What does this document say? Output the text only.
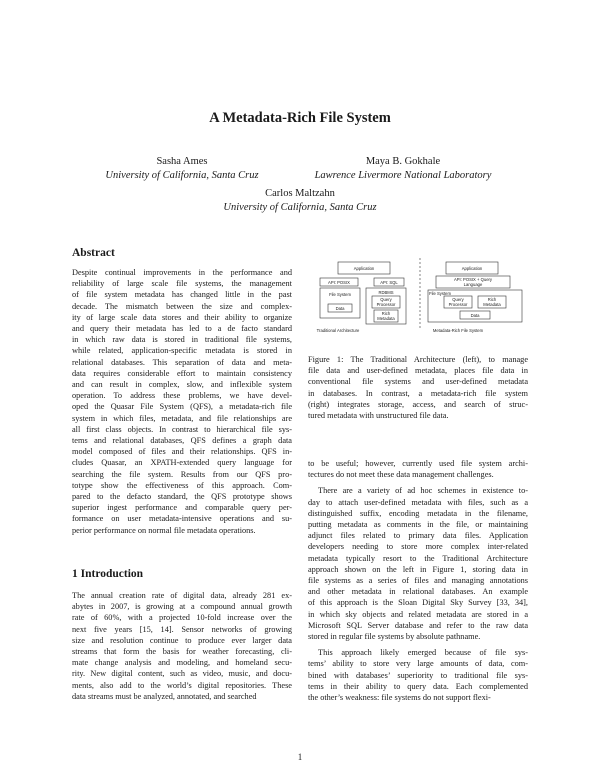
A Metadata-Rich File System
Sasha Ames
University of California, Santa Cruz
Maya B. Gokhale
Lawrence Livermore National Laboratory
Carlos Maltzahn
University of California, Santa Cruz
Abstract
Despite continual improvements in the performance and
reliability of large scale file systems, the management
of file system metadata has changed little in the past
decade. The mismatch between the size and complex-
ity of large scale data stores and their ability to organize
and query their metadata has led to a de facto standard
in which raw data is stored in traditional file systems,
while related, application-specific metadata is stored in
relational databases. This separation of data and meta-
data requires considerable effort to maintain consistency
and can result in complex, slow, and inflexible system
operation. To address these problems, we have devel-
oped the Quasar File System (QFS), a metadata-rich file
system in which files, metadata, and file relationships are
all first class objects. In contrast to hierarchical file sys-
tems and relational databases, QFS defines a graph data
model composed of files and their relationships. QFS in-
cludes Quasar, an XPATH-extended query language for
searching the file system. Results from our QFS pro-
totype show the effectiveness of this approach. Com-
pared to the defacto standard, the QFS prototype shows
superior ingest performance and comparable query per-
formance on user metadata-intensive operations and su-
perior performance on normal file metadata operations.
1 Introduction
The annual creation rate of digital data, already 281 ex-
abytes in 2007, is growing at a compound annual growth
rate of 60%, with a projected 10-fold increase over the
next five years [15, 14]. Sensor networks of growing
size and resolution continue to produce ever larger data
streams that form the basis for weather forecasting, cli-
mate change analysis and modeling, and homeland secu-
rity. New digital content, such as video, music, and docu-
ments, also add to the world’s digital repositories. These
data streams must be analyzed, annotated, and searched
Application
API: POSIX	API: SQL
File System
Data
RDBMS
Query
Processor
Rich
Metadata
Traditional Architecture
Application
API: POSIX + Query
Language
File System
Query
Processor
Rich
Metadata
Data
Metadata-Rich File System
Figure 1: The Traditional Architecture (left), to manage
file data and user-defined metadata, places file data in
conventional file systems and user-defined metadata
in databases. In contrast, a metadata-rich file system
(right) integrates storage, access, and search of struc-
tured metadata with unstructured file data.
to be useful; however, currently used file system archi-
tectures do not meet these data management challenges.
There are a variety of ad hoc schemes in existence to-
day to attach user-defined metadata with files, such as a
distinguished suffix, encoding metadata in the filename,
putting metadata as comments in the file, or maintaining
adjunct files related to primary data files. Application
developers needing to store more complex inter-related
metadata typically resort to the Traditional Architecture
approach shown on the left in Figure 1, storing data in
file systems as a series of files and managing annotations
and other metadata in relational databases. An example
of this approach is the Sloan Digital Sky Survey [33, 34],
in which sky objects and related metadata are stored in a
Microsoft SQL Server database and refer to the raw data
stored in regular file systems by absolute pathname.
This approach likely emerged because of file sys-
tems’ ability to store very large amounts of data, com-
bined with databases’ superiority to traditional file sys-
tems in their ability to query data. Each complemented
the other’s weakness: file systems do not support flexi-
1
